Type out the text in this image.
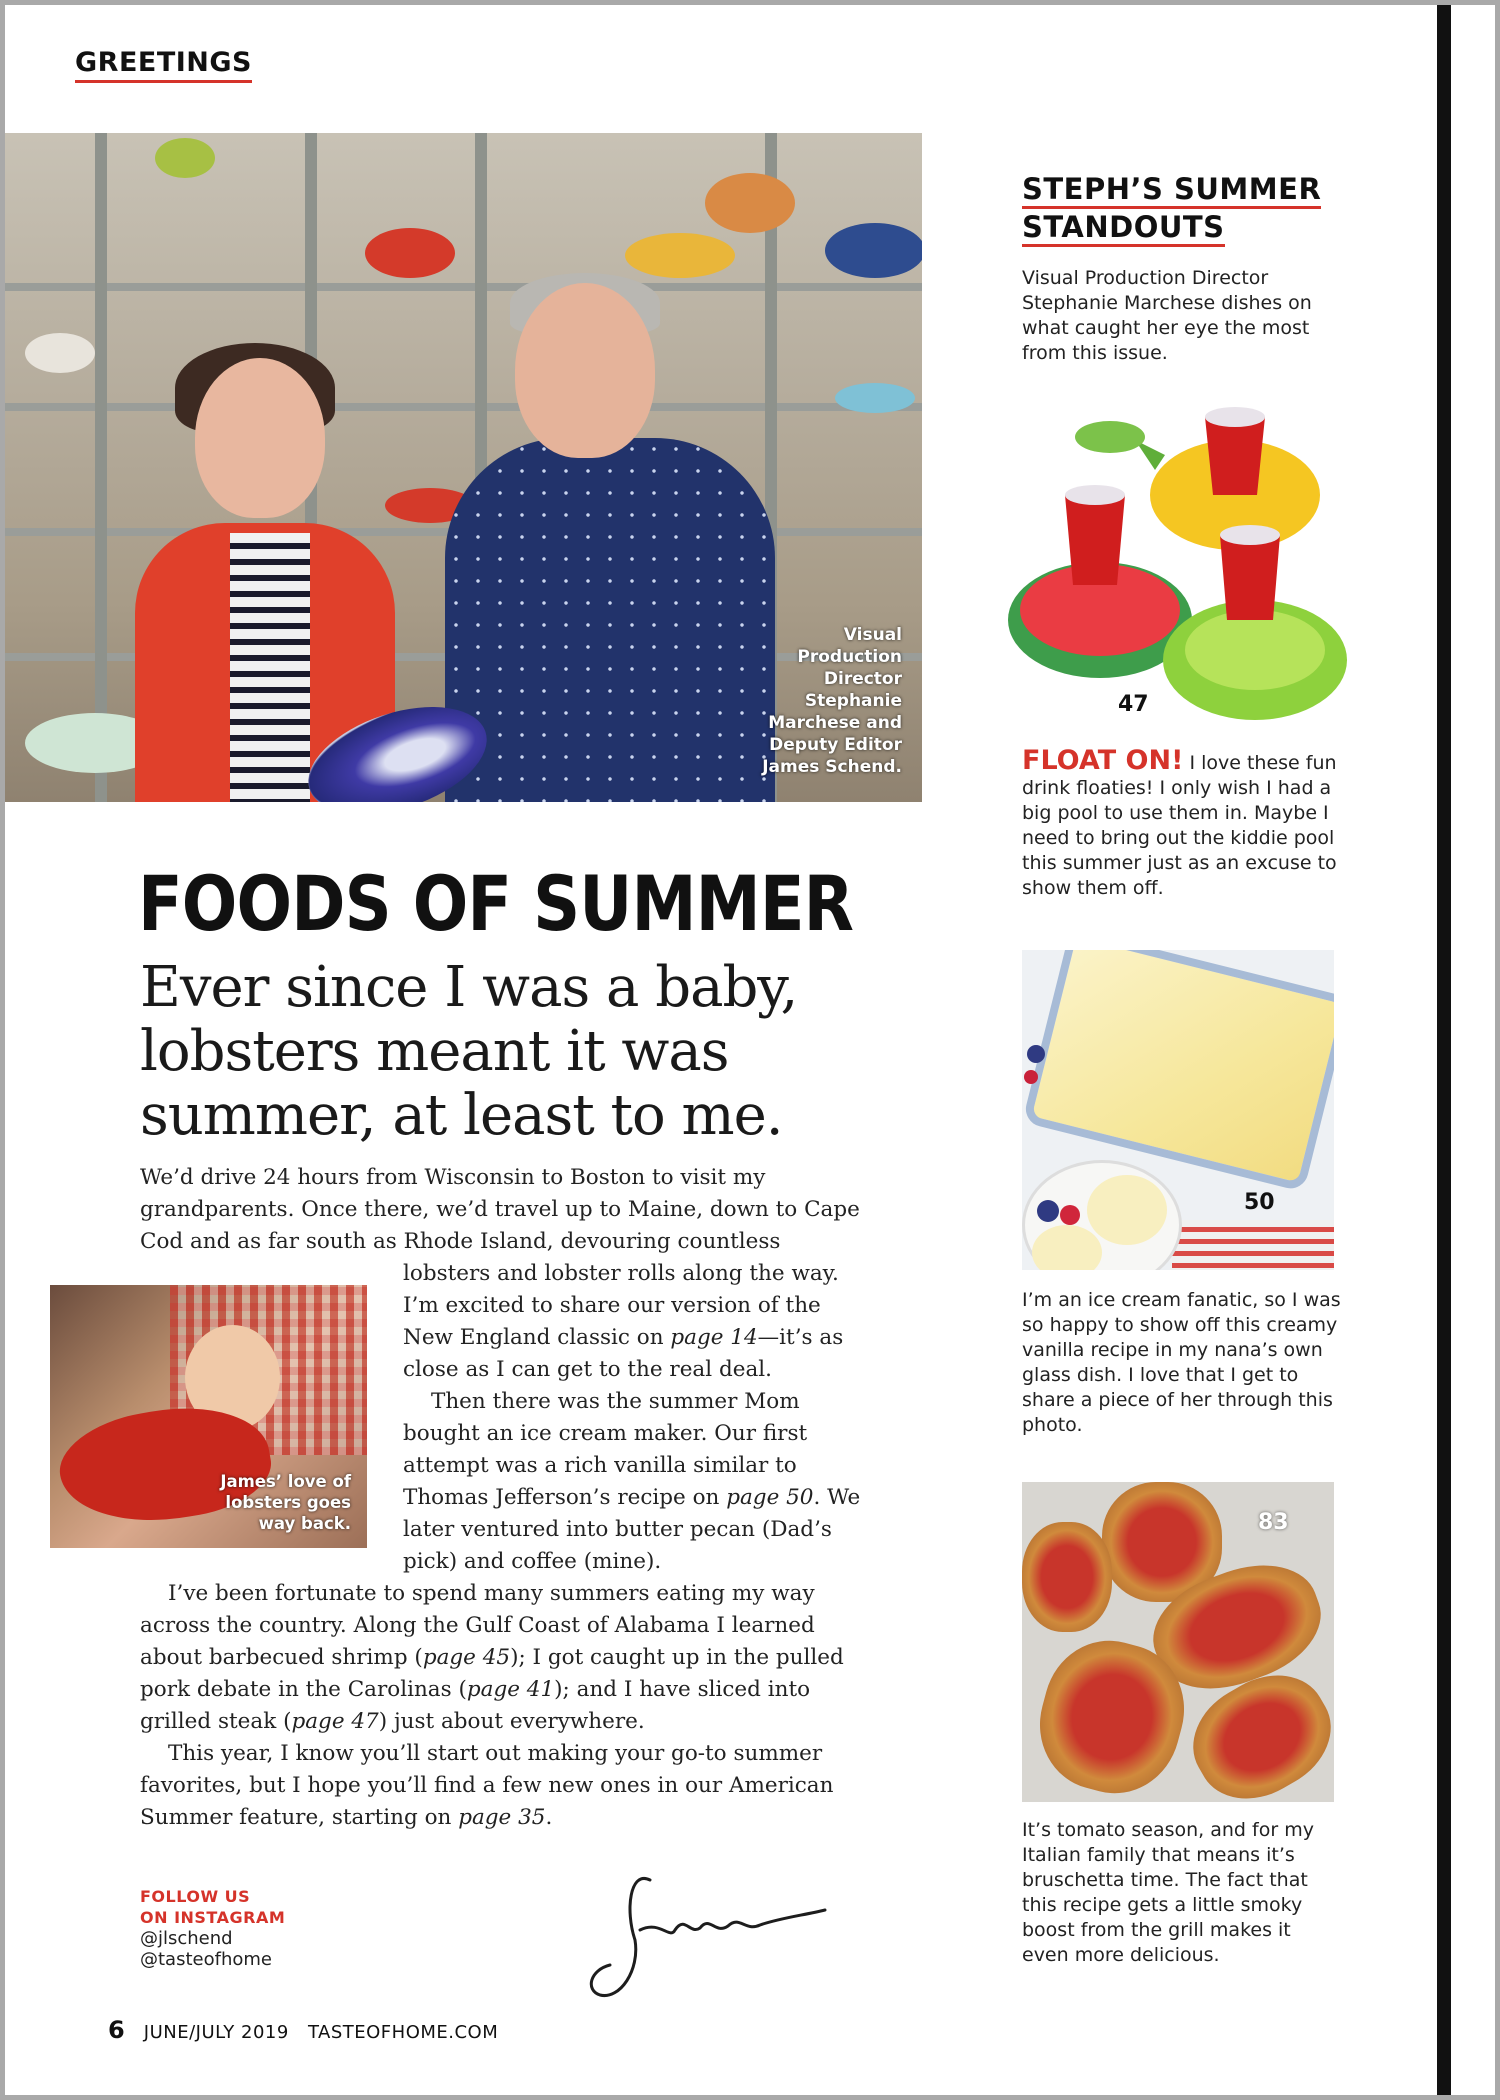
GREETINGS
Visual Production Director Stephanie Marchese and Deputy Editor James Schend.
FOODS OF SUMMER
Ever since I was a baby, lobsters meant it was summer, at least to me.

We’d drive 24 hours from Wisconsin to Boston to visit my grandparents. Once there, we’d travel up to Maine, down to Cape Cod and as far south as Rhode Island, devouring countless

lobsters and lobster rolls along the way. I’m excited to share our version of the New England classic on page 14—it’s as close as I can get to the real deal.

Then there was the summer Mom bought an ice cream maker. Our first attempt was a rich vanilla similar to Thomas Jefferson’s recipe on page 50. We later ventured into butter pecan (Dad’s pick) and coffee (mine).

I’ve been fortunate to spend many summers eating my way across the country. Along the Gulf Coast of Alabama I learned about barbecued shrimp (page 45); I got caught up in the pulled pork debate in the Carolinas (page 41); and I have sliced into grilled steak (page 47) just about everywhere.

This year, I know you’ll start out making your go-to summer favorites, but I hope you’ll find a few new ones in our American Summer feature, starting on page 35.

James’ love of lobsters goes way back.
FOLLOW US
ON INSTAGRAM
@jlschend
@tasteofhome
6 JUNE/JULY 2019 TASTEOFHOME.COM
STEPH’S SUMMER
STANDOUTS

Visual Production Director Stephanie Marchese dishes on what caught her eye the most from this issue.

47

FLOAT ON! I love these fun drink floaties! I only wish I had a big pool to use them in. Maybe I need to bring out the kiddie pool this summer just as an excuse to show them off.

50

I’m an ice cream fanatic, so I was so happy to show off this creamy vanilla recipe in my nana’s own glass dish. I love that I get to share a piece of her through this photo.

83

It’s tomato season, and for my Italian family that means it’s bruschetta time. The fact that this recipe gets a little smoky boost from the grill makes it even more delicious.
